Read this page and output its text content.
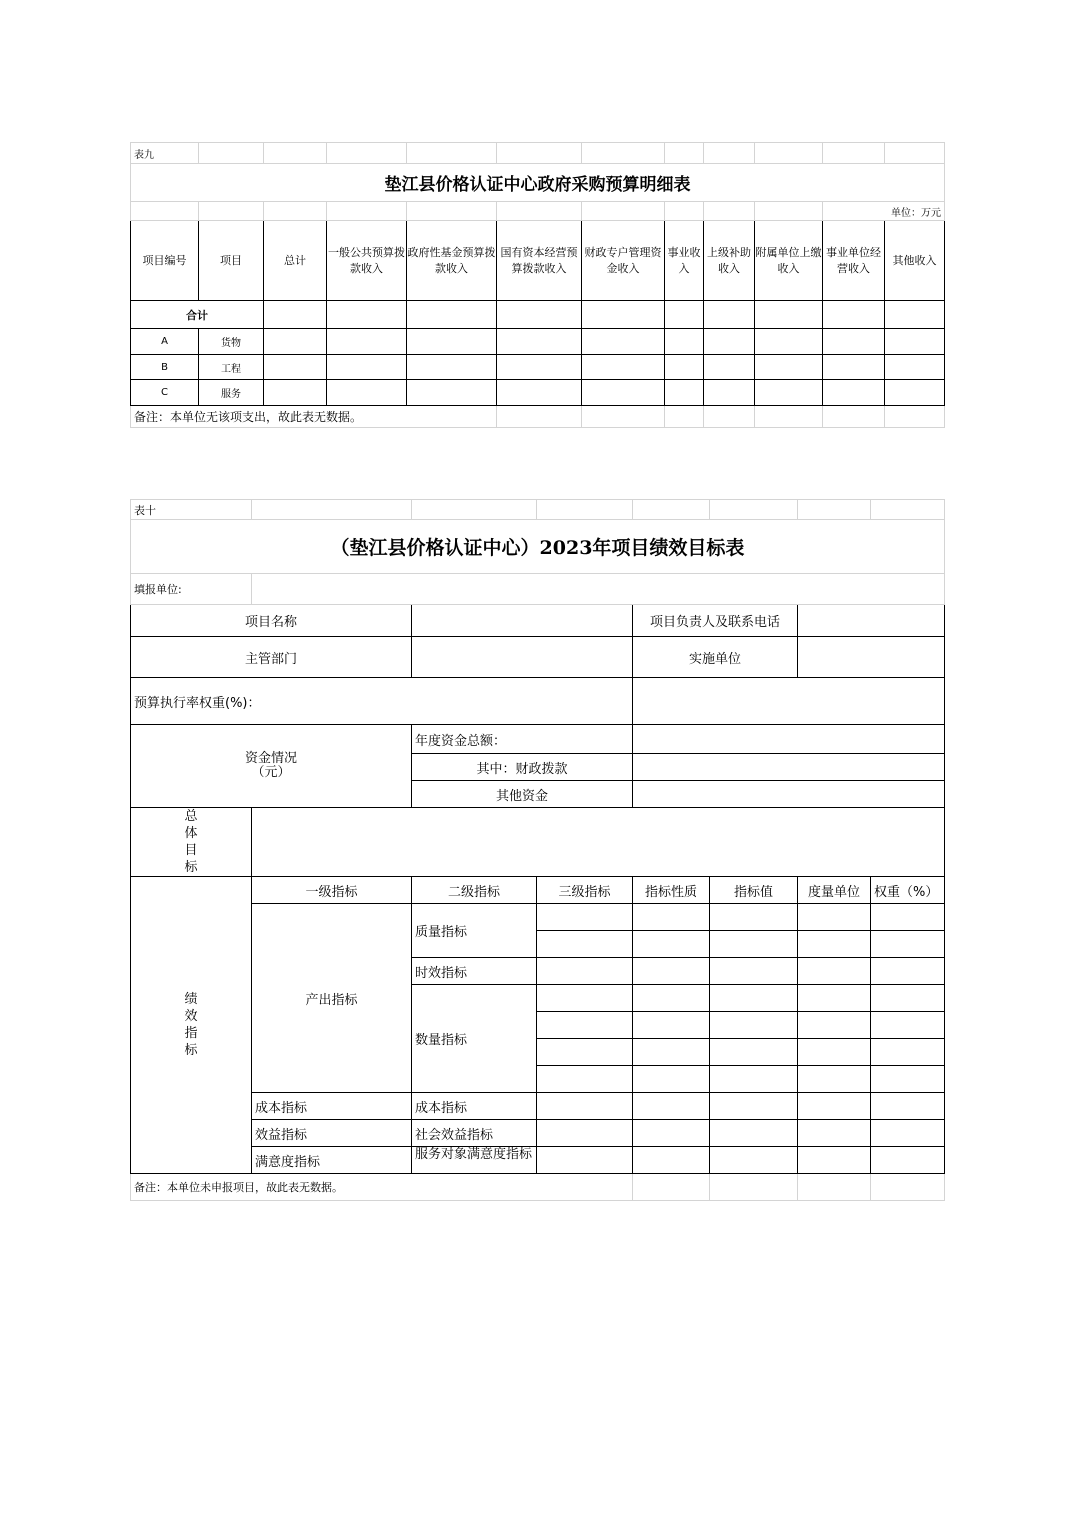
表九											
垫江县价格认证中心政府采购预算明细表											
										单位：万元	
项目编号	项目	总计	一般公共预算拨款收入	政府性基金预算拨款收入	国有资本经营预算拨款收入	财政专户管理资金收入	事业收入	上级补助收入	附属单位上缴收入	事业单位经营收入	其他收入
合计											
A	货物										
B	工程										
C	服务										
备注：本单位无该项支出，故此表无数据。											
表十							
（垫江县价格认证中心）2023年项目绩效目标表							
填报单位:							
项目名称				项目负责人及联系电话			
主管部门				实施单位			
预算执行率权重(%)：							
资金情况
（元）		年度资金总额：					
		其中：财政拨款					
		其他资金					

总体目标							

绩效指标	一级指标	二级指标	三级指标	指标性质	指标值	度量单位	权重（%）
	产出指标	质量指标					

		时效指标					
		数量指标					

	成本指标	成本指标					
	效益指标	社会效益指标					
	满意度指标	服务对象满意度指标					
备注：本单位未申报项目，故此表无数据。							
